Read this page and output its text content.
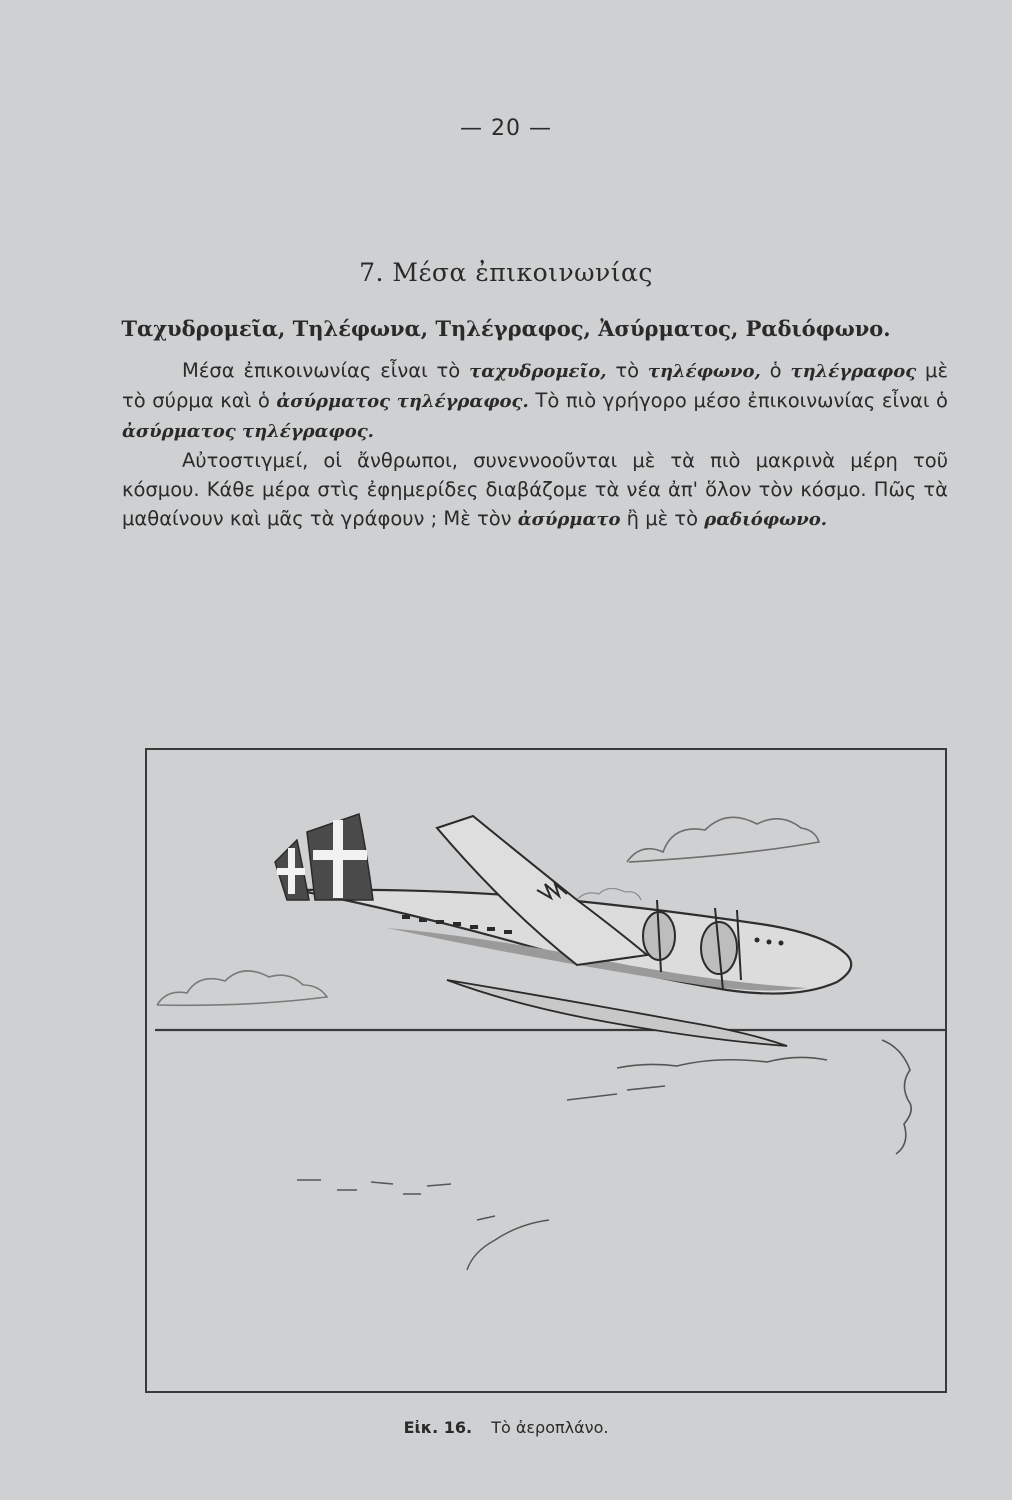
— 20 —
7. Μέσα ἐπικοινωνίας
Ταχυδρομεῖα, Τηλέφωνα, Τηλέγραφος, Ἀσύρματος, Ραδιόφωνο.

Μέσα ἐπικοινωνίας εἶναι τὸ ταχυδρομεῖο, τὸ τηλέφωνο, ὁ τηλέγραφος μὲ τὸ σύρμα καὶ ὁ ἀσύρματος τηλέγραφος. Τὸ πιὸ γρήγορο μέσο ἐπικοινωνίας εἶναι ὁ ἀσύρματος τηλέγραφος.

Αὐτοστιγμεί, οἱ ἄνθρωποι, συνεννοοῦνται μὲ τὰ πιὸ μακρινὰ μέρη τοῦ κόσμου. Κάθε μέρα στὶς ἐφημερίδες διαβάζομε τὰ νέα ἀπ' ὅλον τὸν κόσμο. Πῶς τὰ μαθαίνουν καὶ μᾶς τὰ γράφουν ; Μὲ τὸν ἀσύρματο ἢ μὲ τὸ ραδιόφωνο.

Εἰκ. 16. Τὸ ἀεροπλάνο.
